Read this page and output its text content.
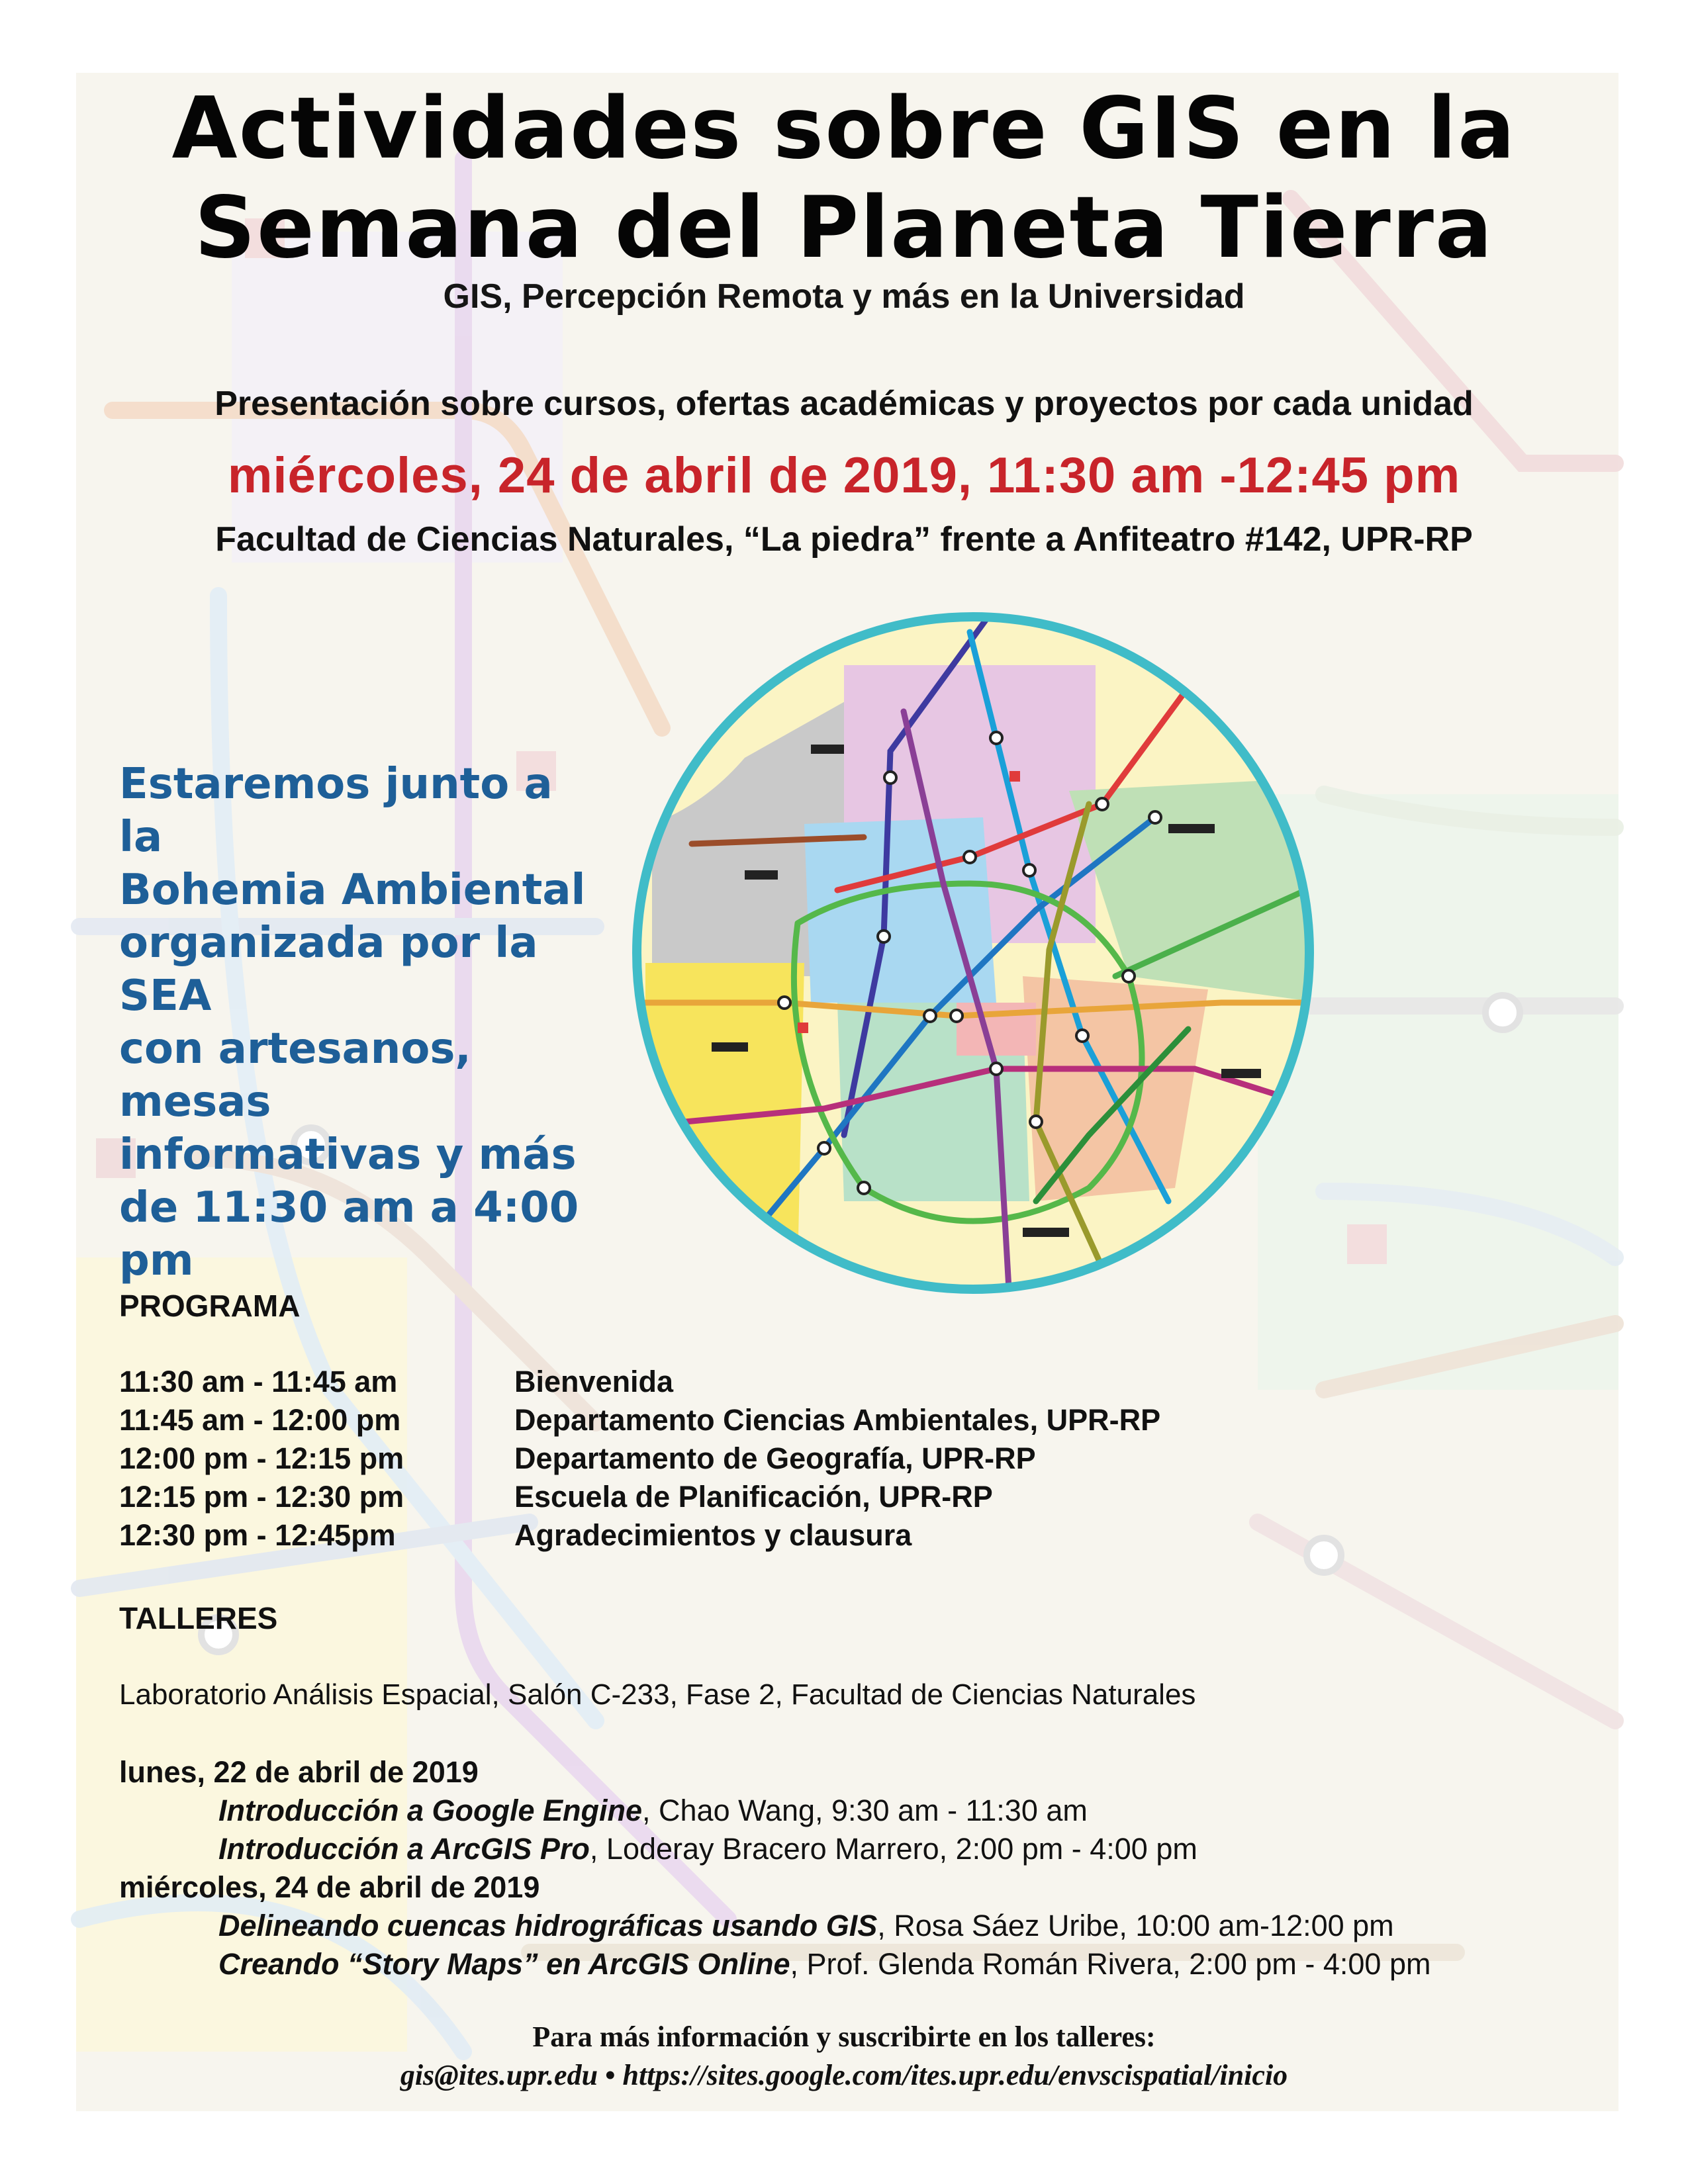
Actividades sobre GIS en la
Semana del Planeta Tierra
GIS, Percepción Remota y más en la Universidad
Presentación sobre cursos, ofertas académicas y proyectos por cada unidad
miércoles, 24 de abril de 2019, 11:30 am -12:45 pm
Facultad de Ciencias Naturales, “La piedra” frente a Anfiteatro #142, UPR-RP
Estaremos junto a la
Bohemia Ambiental
organizada por la SEA
con artesanos, mesas
informativas y más
de 11:30 am a 4:00 pm
PROGRAMA
11:30 am - 11:45 am	Bienvenida
11:45 am - 12:00 pm	Departamento Ciencias Ambientales, UPR-RP
12:00 pm - 12:15 pm	Departamento de Geografía, UPR-RP
12:15 pm - 12:30 pm	Escuela de Planificación, UPR-RP
12:30 pm - 12:45pm	Agradecimientos y clausura
TALLERES
Laboratorio Análisis Espacial, Salón C-233, Fase 2, Facultad de Ciencias Naturales
lunes, 22 de abril de 2019
Introducción a Google Engine, Chao Wang, 9:30 am - 11:30 am
Introducción a ArcGIS Pro, Loderay Bracero Marrero, 2:00 pm - 4:00 pm
miércoles, 24 de abril de 2019
Delineando cuencas hidrográficas usando GIS, Rosa Sáez Uribe, 10:00 am-12:00 pm
Creando “Story Maps” en ArcGIS Online, Prof. Glenda Román Rivera, 2:00 pm - 4:00 pm
Para más información y suscribirte en los talleres:
gis@ites.upr.edu • https://sites.google.com/ites.upr.edu/envscispatial/inicio
